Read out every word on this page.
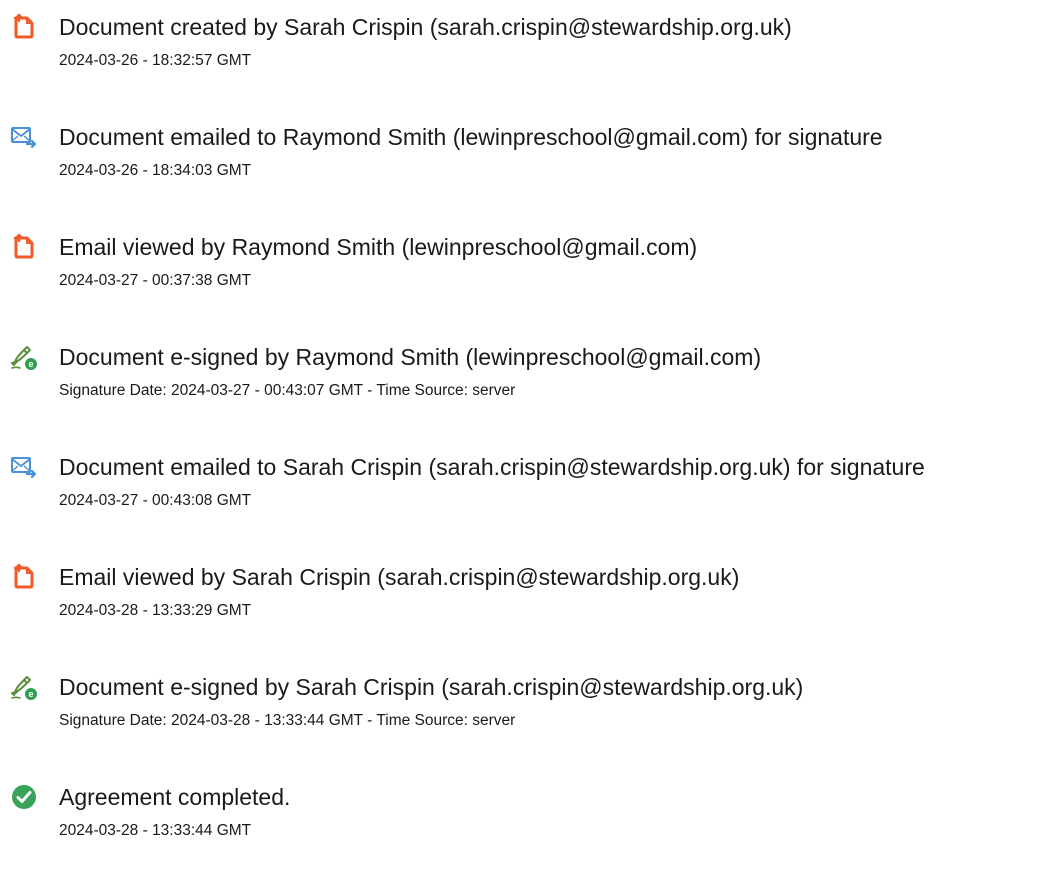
Document created by Sarah Crispin (sarah.crispin@stewardship.org.uk)
2024-03-26 - 18:32:57 GMT
Document emailed to Raymond Smith (lewinpreschool@gmail.com) for signature
2024-03-26 - 18:34:03 GMT
Email viewed by Raymond Smith (lewinpreschool@gmail.com)
2024-03-27 - 00:37:38 GMT
e Document e-signed by Raymond Smith (lewinpreschool@gmail.com)
Signature Date: 2024-03-27 - 00:43:07 GMT - Time Source: server
Document emailed to Sarah Crispin (sarah.crispin@stewardship.org.uk) for signature
2024-03-27 - 00:43:08 GMT
Email viewed by Sarah Crispin (sarah.crispin@stewardship.org.uk)
2024-03-28 - 13:33:29 GMT
e Document e-signed by Sarah Crispin (sarah.crispin@stewardship.org.uk)
Signature Date: 2024-03-28 - 13:33:44 GMT - Time Source: server
Agreement completed.
2024-03-28 - 13:33:44 GMT
